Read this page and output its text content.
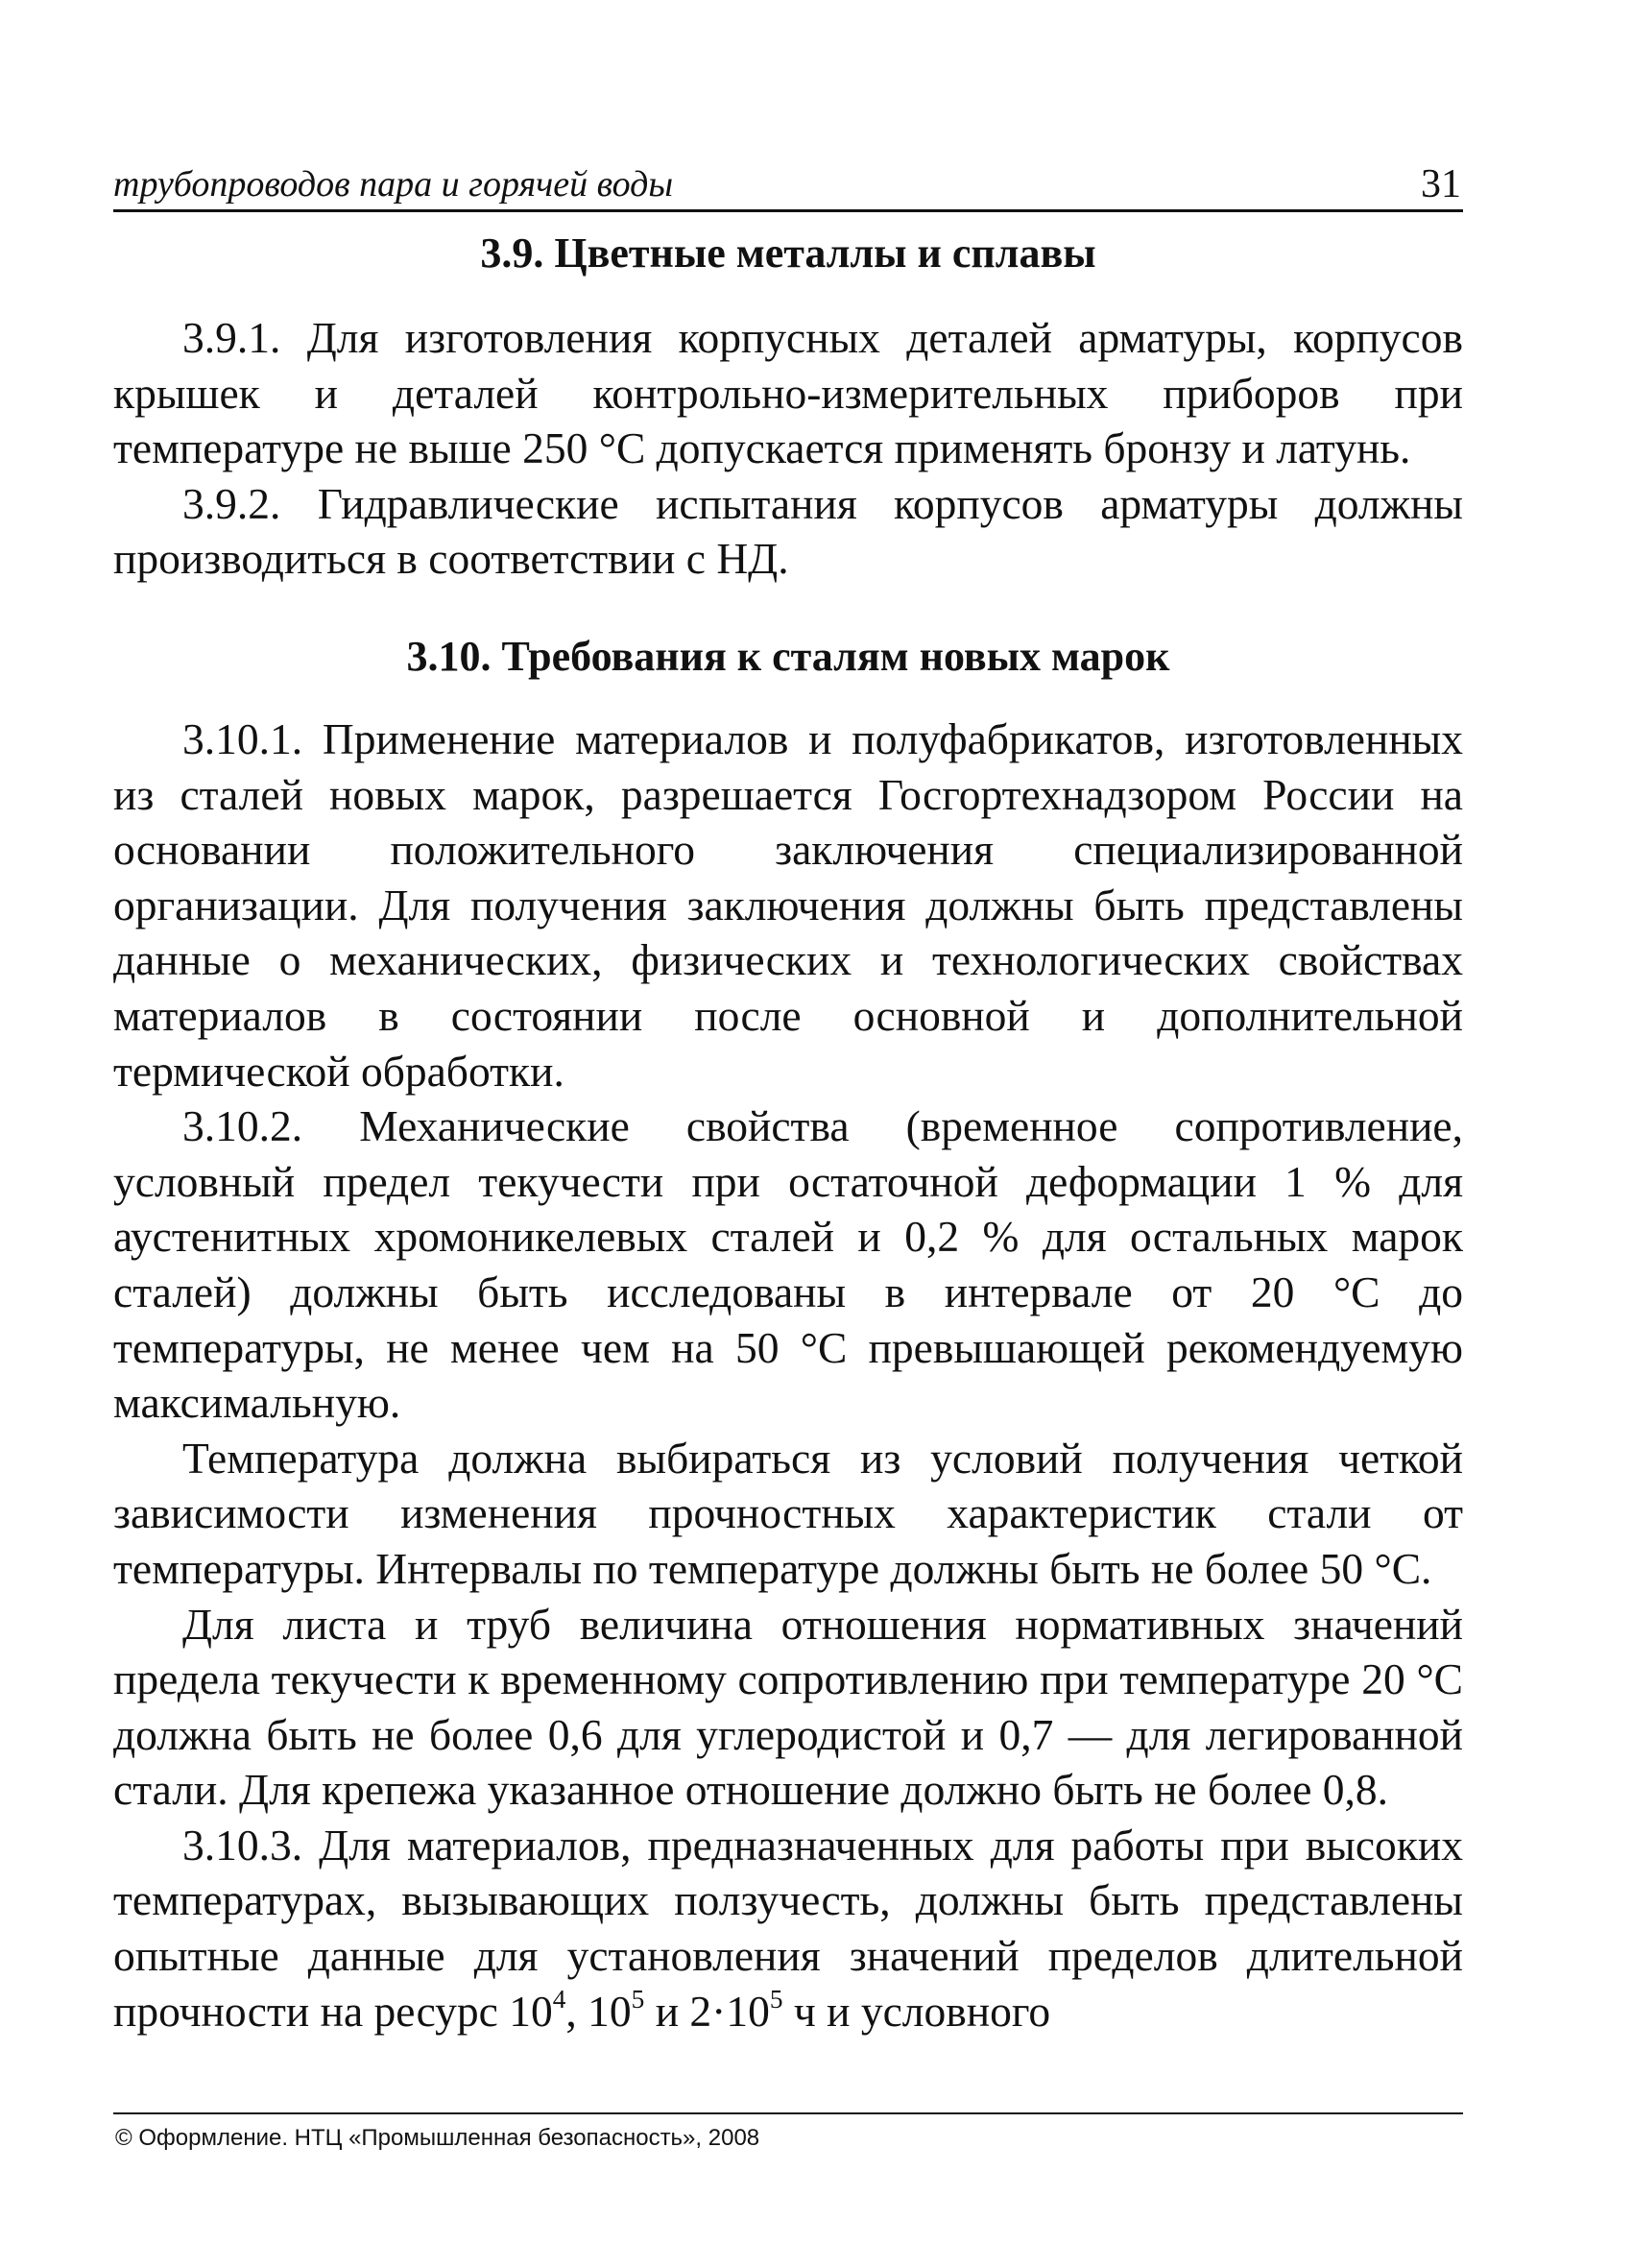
трубопроводов пара и горячей воды	31
3.9. Цветные металлы и сплавы

3.9.1. Для изготовления корпусных деталей арматуры, корпусов крышек и деталей контрольно-измерительных приборов при температуре не выше 250 °С допускается применять бронзу и латунь.

3.9.2. Гидравлические испытания корпусов арматуры должны производиться в соответствии с НД.

3.10. Требования к сталям новых марок

3.10.1. Применение материалов и полуфабрикатов, изготовленных из сталей новых марок, разрешается Госгортехнадзором России на основании положительного заключения специализированной организации. Для получения заключения должны быть представлены данные о механических, физических и технологических свойствах материалов в состоянии после основной и дополнительной термической обработки.

3.10.2. Механические свойства (временное сопротивление, условный предел текучести при остаточной деформации 1 % для аустенитных хромоникелевых сталей и 0,2 % для остальных марок сталей) должны быть исследованы в интервале от 20 °С до температуры, не менее чем на 50 °С превышающей рекомендуемую максимальную.

Температура должна выбираться из условий получения четкой зависимости изменения прочностных характеристик стали от температуры. Интервалы по температуре должны быть не более 50 °С.

Для листа и труб величина отношения нормативных значений предела текучести к временному сопротивлению при температуре 20 °С должна быть не более 0,6 для углеродистой и 0,7 — для легированной стали. Для крепежа указанное отношение должно быть не более 0,8.

3.10.3. Для материалов, предназначенных для работы при высоких температурах, вызывающих ползучесть, должны быть представлены опытные данные для установления значений пределов длительной прочности на ресурс $10^4$, $10^5$ и $2\cdot 10^5$ ч и условного

© Оформление. НТЦ «Промышленная безопасность», 2008
